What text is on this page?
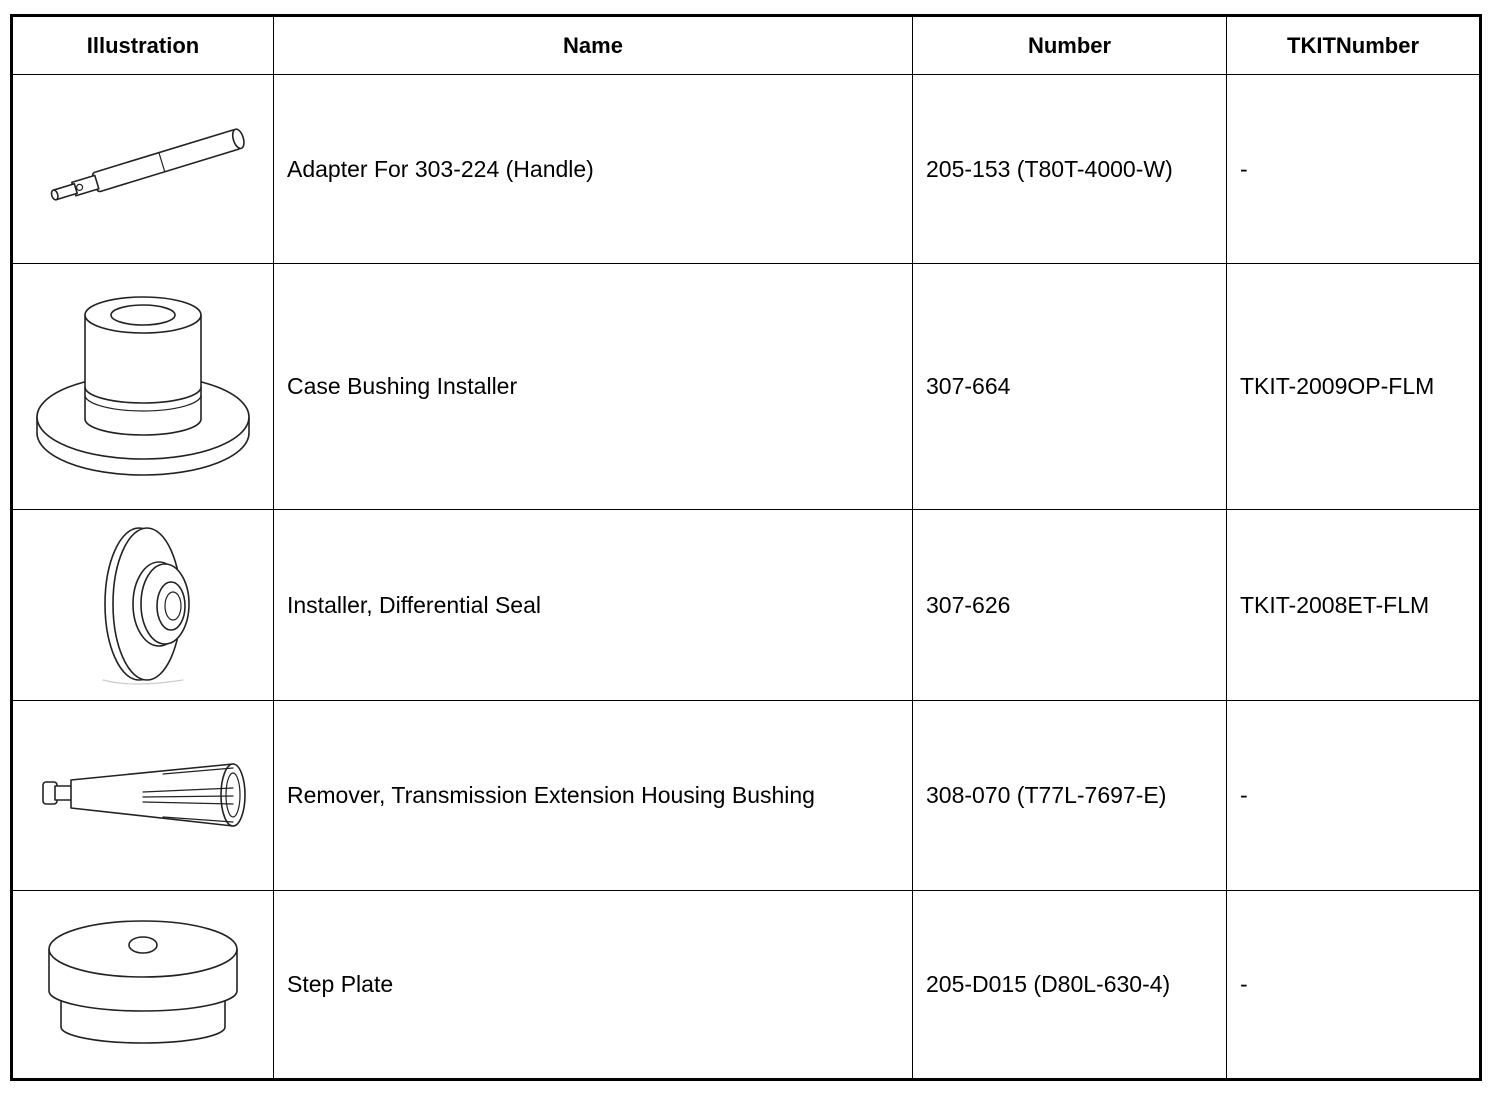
Illustration	Name	Number	TKITNumber

	Adapter For 303-224 (Handle)	205-153 (T80T-4000-W)	-

	Case Bushing Installer	307-664	TKIT-2009OP-FLM

	Installer, Differential Seal	307-626	TKIT-2008ET-FLM

	Remover, Transmission Extension Housing Bushing	308-070 (T77L-7697-E)	-

	Step Plate	205-D015 (D80L-630-4)	-
